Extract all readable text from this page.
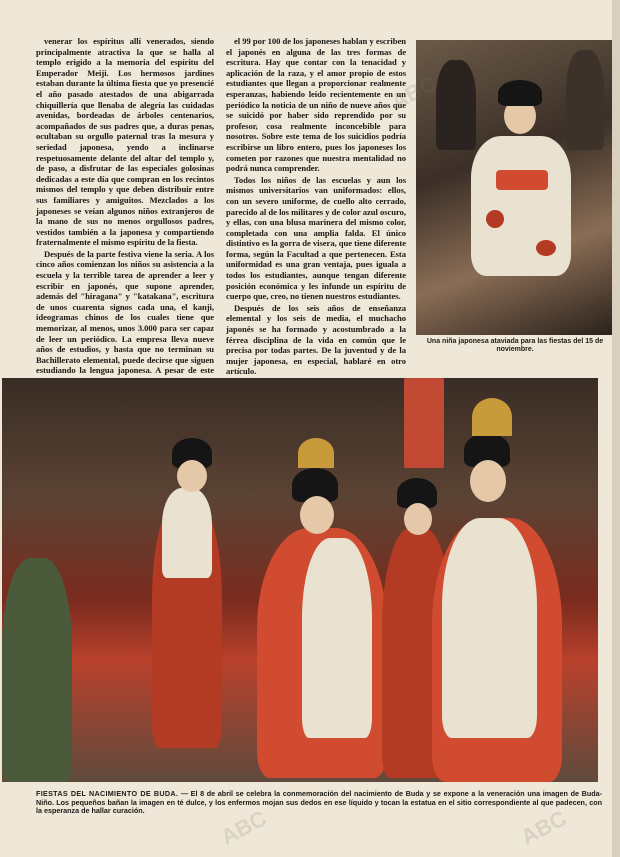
venerar los espíritus allí venerados, siendo principalmente atractiva la que se halla al templo erigido a la memoria del espíritu del Emperador Meiji. Los hermosos jardines estaban durante la última fiesta que yo presencié el año pasado atestados de una abigarrada chiquillería que llenaba de alegría las cuidadas avenidas, bordeadas de árboles centenarios, acompañados de sus padres que, a duras penas, ocultaban su orgullo paternal tras la mesura y seriedad japonesa, yendo a inclinarse respetuosamente delante del altar del templo y, de paso, a disfrutar de las especiales golosinas dedicadas a este día que compran en los recintos mismos del templo y que deben distribuir entre sus familiares y amiguitos. Mezclados a los japoneses se veían algunos niños extranjeros de la mano de sus no menos orgullosos padres, vestidos también a la japonesa y compartiendo fraternalmente el mismo espíritu de la fiesta.

Después de la parte festiva viene la seria. A los cinco años comienzan los niños su asistencia a la escuela y la terrible tarea de aprender a leer y escribir en japonés, que supone aprender, además del "hiragana" y "katakana", escritura de unos cuarenta signos cada una, el kanji, ideogramas chinos de los cuales tiene que memorizar, al menos, unos 3.000 para ser capaz de leer un periódico. La empresa lleva nueve años de estudios, y hasta que no terminan su Bachillerato elemental, puede decirse que siguen estudiando la lengua japonesa. A pesar de este

el 99 por 100 de los japoneses hablan y escriben el japonés en alguna de las tres formas de escritura. Hay que contar con la tenacidad y aplicación de la raza, y el amor propio de estos estudiantes que llegan a proporcionar realmente esperanzas, habiendo leído recientemente en un periódico la noticia de un niño de nueve años que se suicidó por haber sido reprendido por su profesor, cosa realmente inconcebible para nosotros. Sobre este tema de los suicidios podría escribirse un libro entero, pues los japoneses los cometen por razones que nuestra mentalidad no podrá nunca comprender.

Todos los niños de las escuelas y aun los mismos universitarios van uniformados: ellos, con un severo uniforme, de cuello alto cerrado, parecido al de los militares y de color azul oscuro, y ellas, con una blusa marinera del mismo color, completada con una amplia falda. El único distintivo es la gorra de visera, que tiene diferente forma, según la Facultad a que pertenecen. Esta uniformidad es una gran ventaja, pues iguala a todos los estudiantes, aunque tengan diferente posición económica y les infunde un espíritu de cuerpo que, creo, no tienen nuestros estudiantes.

Después de los seis años de enseñanza elemental y los seis de media, el muchacho japonés se ha formado y acostumbrado a la férrea disciplina de la vida en común que le precisa por todas partes. De la juventud y de la mujer japonesa, en especial, hablaré en otro artículo.

Una niña japonesa ataviada para las fiestas del 15 de noviembre.
FIESTAS DEL NACIMIENTO DE BUDA. — El 8 de abril se celebra la conmemoración del nacimiento de Buda y se expone a la veneración una imagen de Buda-Niño. Los pequeños bañan la imagen en té dulce, y los enfermos mojan sus dedos en ese líquido y tocan la estatua en el sitio correspondiente al que padecen, con la esperanza de hallar curación.
ABC
ABC	ABC
